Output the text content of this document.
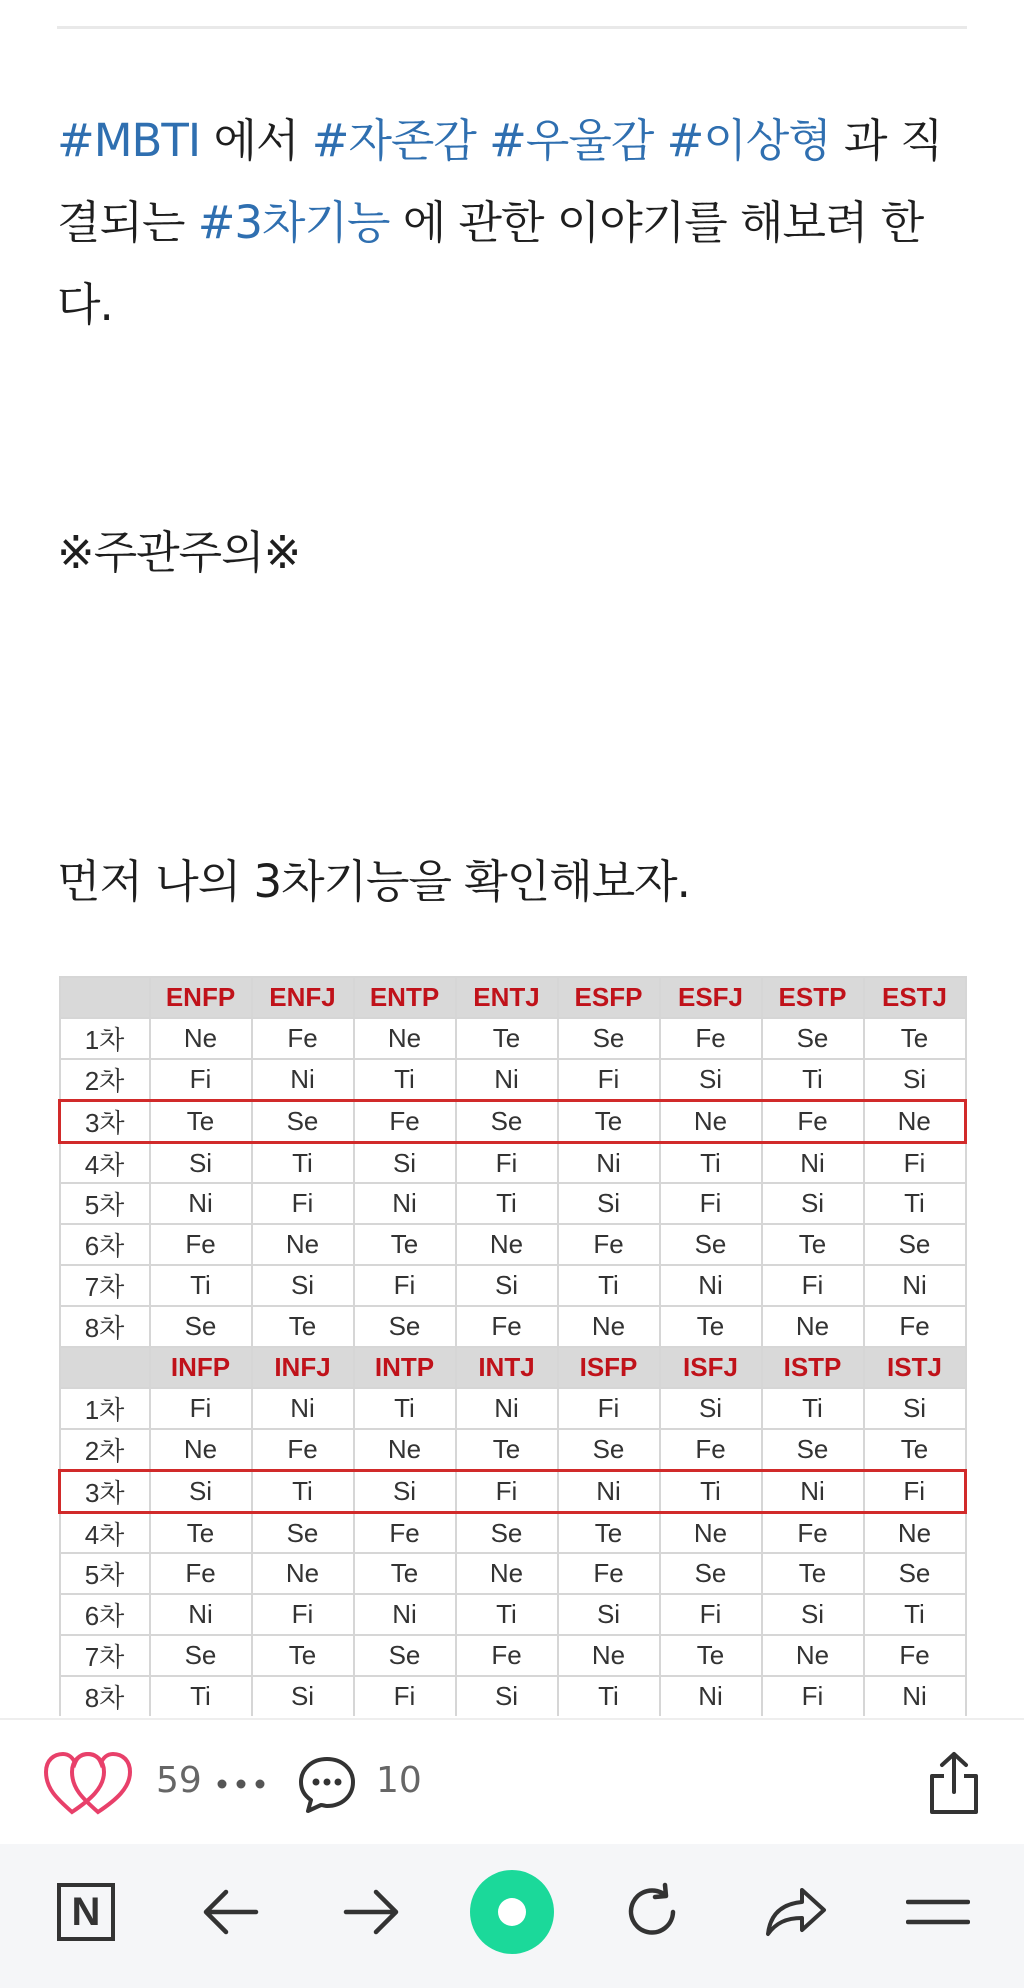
#MBTI 에서 #자존감 #우울감 #이상형 과 직결되는 #3차기능 에 관한 이야기를 해보려 한다.
※주관주의※
먼저 나의 3차기능을 확인해보자.
	ENFP	ENFJ	ENTP	ENTJ	ESFP	ESFJ	ESTP	ESTJ
1차	Ne	Fe	Ne	Te	Se	Fe	Se	Te
2차	Fi	Ni	Ti	Ni	Fi	Si	Ti	Si
3차	Te	Se	Fe	Se	Te	Ne	Fe	Ne
4차	Si	Ti	Si	Fi	Ni	Ti	Ni	Fi
5차	Ni	Fi	Ni	Ti	Si	Fi	Si	Ti
6차	Fe	Ne	Te	Ne	Fe	Se	Te	Se
7차	Ti	Si	Fi	Si	Ti	Ni	Fi	Ni
8차	Se	Te	Se	Fe	Ne	Te	Ne	Fe
	INFP	INFJ	INTP	INTJ	ISFP	ISFJ	ISTP	ISTJ
1차	Fi	Ni	Ti	Ni	Fi	Si	Ti	Si
2차	Ne	Fe	Ne	Te	Se	Fe	Se	Te
3차	Si	Ti	Si	Fi	Ni	Ti	Ni	Fi
4차	Te	Se	Fe	Se	Te	Ne	Fe	Ne
5차	Fe	Ne	Te	Ne	Fe	Se	Te	Se
6차	Ni	Fi	Ni	Ti	Si	Fi	Si	Ti
7차	Se	Te	Se	Fe	Ne	Te	Ne	Fe
8차	Ti	Si	Fi	Si	Ti	Ni	Fi	Ni
59	10
N
